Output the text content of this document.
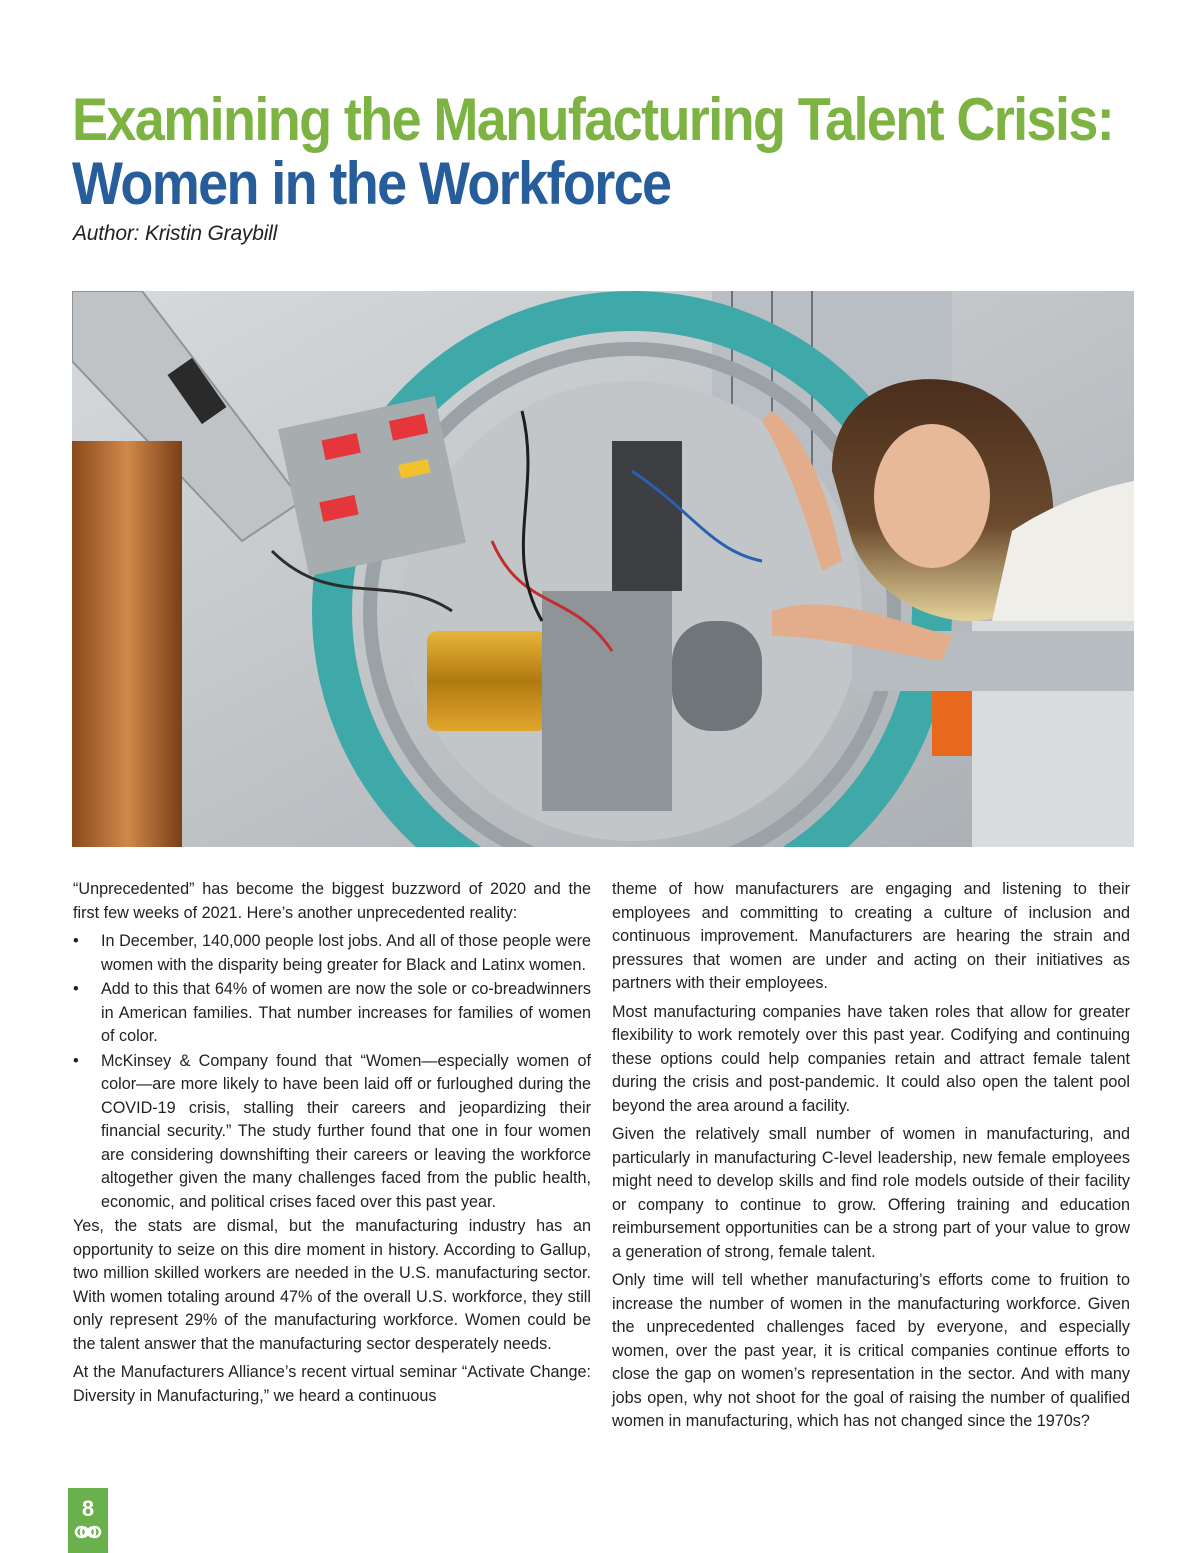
Examining the Manufacturing Talent Crisis:
Women in the Workforce
Author: Kristin Graybill

“Unprecedented” has become the biggest buzzword of 2020 and the first few weeks of 2021. Here’s another unprecedented reality:

• In December, 140,000 people lost jobs. And all of those people were women with the disparity being greater for Black and Latinx women.
• Add to this that 64% of women are now the sole or co-breadwinners in American families. That number increases for families of women of color.
• McKinsey & Company found that “Women—especially women of color—are more likely to have been laid off or furloughed during the COVID-19 crisis, stalling their careers and jeopardizing their financial security.” The study further found that one in four women are considering downshifting their careers or leaving the workforce altogether given the many challenges faced from the public health, economic, and political crises faced over this past year.

Yes, the stats are dismal, but the manufacturing industry has an opportunity to seize on this dire moment in history. According to Gallup, two million skilled workers are needed in the U.S. manufacturing sector. With women totaling around 47% of the overall U.S. workforce, they still only represent 29% of the manufacturing workforce. Women could be the talent answer that the manufacturing sector desperately needs.

At the Manufacturers Alliance’s recent virtual seminar “Activate Change: Diversity in Manufacturing,” we heard a continuous

theme of how manufacturers are engaging and listening to their employees and committing to creating a culture of inclusion and continuous improvement. Manufacturers are hearing the strain and pressures that women are under and acting on their initiatives as partners with their employees.

Most manufacturing companies have taken roles that allow for greater flexibility to work remotely over this past year. Codifying and continuing these options could help companies retain and attract female talent during the crisis and post-pandemic. It could also open the talent pool beyond the area around a facility.

Given the relatively small number of women in manufacturing, and particularly in manufacturing C-level leadership, new female employees might need to develop skills and find role models outside of their facility or company to continue to grow. Offering training and education reimbursement opportunities can be a strong part of your value to grow a generation of strong, female talent.

Only time will tell whether manufacturing’s efforts come to fruition to increase the number of women in the manufacturing workforce. Given the unprecedented challenges faced by everyone, and especially women, over the past year, it is critical companies continue efforts to close the gap on women’s representation in the sector. And with many jobs open, why not shoot for the goal of raising the number of qualified women in manufacturing, which has not changed since the 1970s?

8
